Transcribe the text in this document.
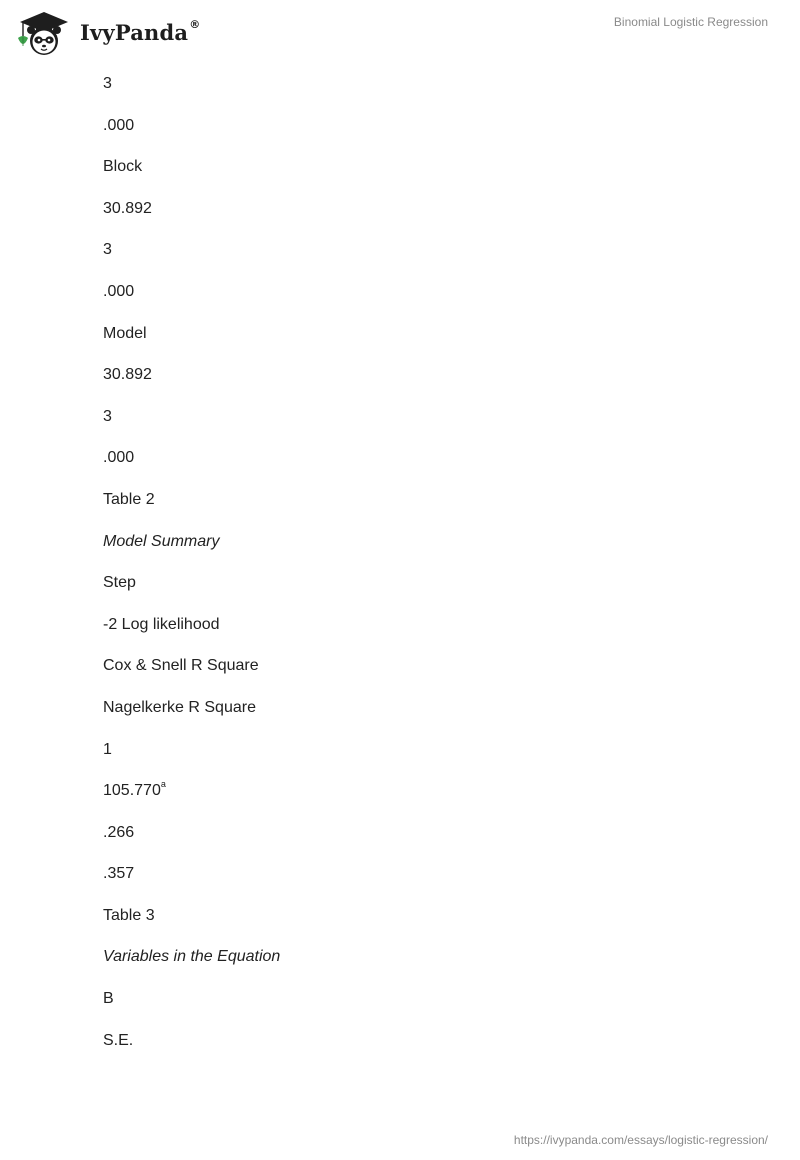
IvyPanda®	Binomial Logistic Regression
3
.000
Block
30.892
3
.000
Model
30.892
3
.000
Table 2
Model Summary
Step
-2 Log likelihood
Cox & Snell R Square
Nagelkerke R Square
1
105.770$^a$
.266
.357
Table 3
Variables in the Equation
B
S.E.
https://ivypanda.com/essays/logistic-regression/
